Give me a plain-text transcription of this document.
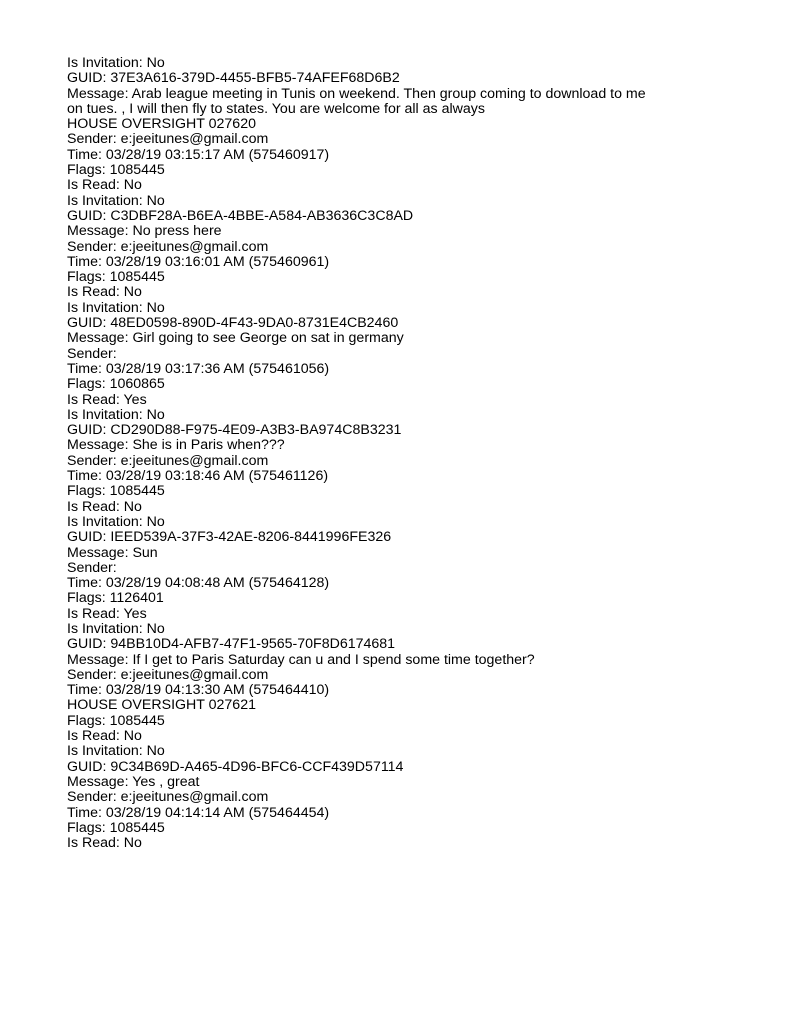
Is Invitation: No
GUID: 37E3A616-379D-4455-BFB5-74AFEF68D6B2
Message: Arab league meeting in Tunis on weekend. Then group coming to download to me
on tues. , I will then fly to states. You are welcome for all as always
HOUSE OVERSIGHT 027620
Sender: e:jeeitunes@gmail.com
Time: 03/28/19 03:15:17 AM (575460917)
Flags: 1085445
Is Read: No
Is Invitation: No
GUID: C3DBF28A-B6EA-4BBE-A584-AB3636C3C8AD
Message: No press here
Sender: e:jeeitunes@gmail.com
Time: 03/28/19 03:16:01 AM (575460961)
Flags: 1085445
Is Read: No
Is Invitation: No
GUID: 48ED0598-890D-4F43-9DA0-8731E4CB2460
Message: Girl going to see George on sat in germany
Sender:
Time: 03/28/19 03:17:36 AM (575461056)
Flags: 1060865
Is Read: Yes
Is Invitation: No
GUID: CD290D88-F975-4E09-A3B3-BA974C8B3231
Message: She is in Paris when???
Sender: e:jeeitunes@gmail.com
Time: 03/28/19 03:18:46 AM (575461126)
Flags: 1085445
Is Read: No
Is Invitation: No
GUID: IEED539A-37F3-42AE-8206-8441996FE326
Message: Sun
Sender:
Time: 03/28/19 04:08:48 AM (575464128)
Flags: 1126401
Is Read: Yes
Is Invitation: No
GUID: 94BB10D4-AFB7-47F1-9565-70F8D6174681
Message: If I get to Paris Saturday can u and I spend some time together?
Sender: e:jeeitunes@gmail.com
Time: 03/28/19 04:13:30 AM (575464410)
HOUSE OVERSIGHT 027621
Flags: 1085445
Is Read: No
Is Invitation: No
GUID: 9C34B69D-A465-4D96-BFC6-CCF439D57114
Message: Yes , great
Sender: e:jeeitunes@gmail.com
Time: 03/28/19 04:14:14 AM (575464454)
Flags: 1085445
Is Read: No
